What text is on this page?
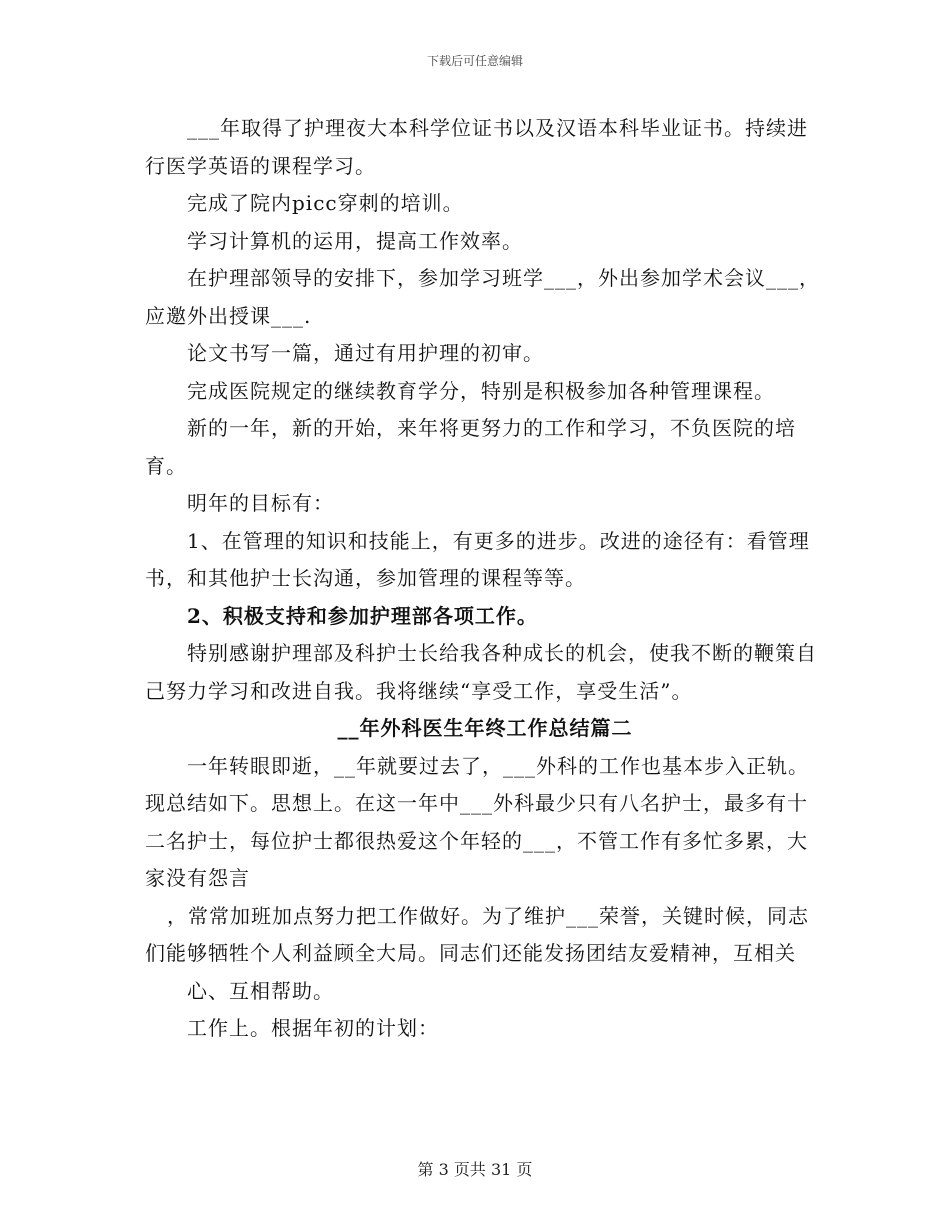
下载后可任意编辑

___年取得了护理夜大本科学位证书以及汉语本科毕业证书。持续进行医学英语的课程学习。

完成了院内picc穿刺的培训。

学习计算机的运用，提高工作效率。

在护理部领导的安排下，参加学习班学___，外出参加学术会议___，应邀外出授课___.

论文书写一篇，通过有用护理的初审。

完成医院规定的继续教育学分，特别是积极参加各种管理课程。

新的一年，新的开始，来年将更努力的工作和学习，不负医院的培育。

明年的目标有：

1、在管理的知识和技能上，有更多的进步。改进的途径有：看管理书，和其他护士长沟通，参加管理的课程等等。

2、积极支持和参加护理部各项工作。

特别感谢护理部及科护士长给我各种成长的机会，使我不断的鞭策自己努力学习和改进自我。我将继续“享受工作，享受生活”。

__年外科医生年终工作总结篇二

一年转眼即逝，__年就要过去了，___外科的工作也基本步入正轨。现总结如下。思想上。在这一年中___外科最少只有八名护士，最多有十二名护士，每位护士都很热爱这个年轻的___，不管工作有多忙多累，大家没有怨言

，常常加班加点努力把工作做好。为了维护___荣誉，关键时候，同志们能够牺牲个人利益顾全大局。同志们还能发扬团结友爱精神，互相关

心、互相帮助。

工作上。根据年初的计划：

第 3 页共 31 页
